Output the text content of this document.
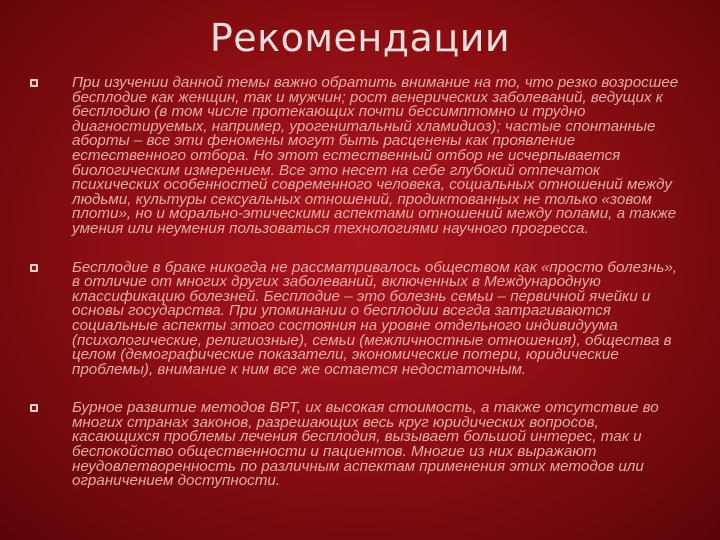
Рекомендации
При изучении данной темы важно обратить внимание на то, что резко возросшее бесплодие как женщин, так и мужчин; рост венерических заболеваний, ведущих к бесплодию (в том числе протекающих почти бессимптомно и трудно диагностируемых, например, урогенитальный хламидиоз); частые спонтанные аборты – все эти феномены могут быть расценены как проявление естественного отбора. Но этот естественный отбор не исчерпывается биологическим измерением. Все это несет на себе глубокий отпечаток психических особенностей современного человека, социальных отношений между людьми, культуры сексуальных отношений, продиктованных не только «зовом плоти», но и морально-этическими аспектами отношений между полами, а также умения или неумения пользоваться технологиями научного прогресса.
Бесплодие в браке никогда не рассматривалось обществом как «просто болезнь», в отличие от многих других заболеваний, включенных в Международную классификацию болезней. Бесплодие – это болезнь семьи – первичной ячейки и основы государства. При упоминании о бесплодии всегда затрагиваются социальные аспекты этого состояния на уровне отдельного индивидуума (психологические, религиозные), семьи (межличностные отношения), общества в целом (демографические показатели, экономические потери, юридические проблемы), внимание к ним все же остается недостаточным.
Бурное развитие методов ВРТ, их высокая стоимость, а также отсутствие во многих странах законов, разрешающих весь круг юридических вопросов, касающихся проблемы лечения бесплодия, вызывает большой интерес, так и беспокойство общественности и пациентов. Многие из них выражают неудовлетворенность по различным аспектам применения этих методов или ограничением доступности.
